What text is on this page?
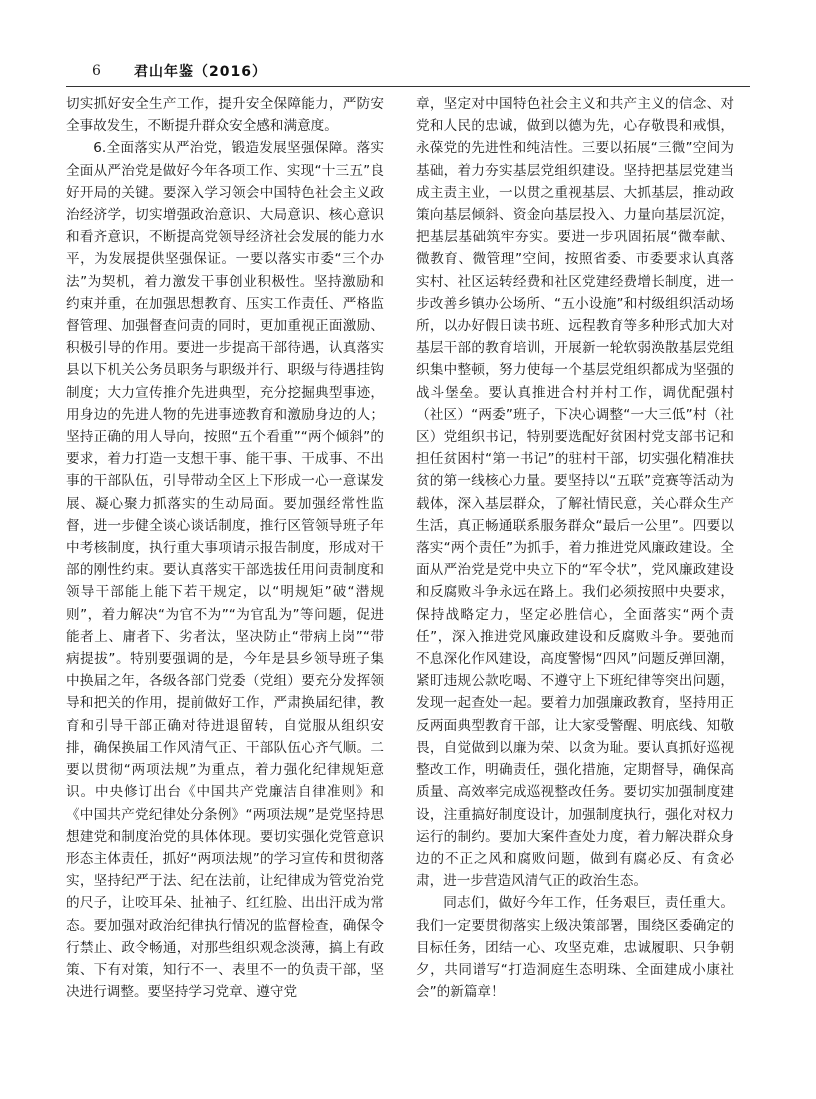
6	君山年鉴（2016）

切实抓好安全生产工作，提升安全保障能力，严防安全事故发生，不断提升群众安全感和满意度。

6.全面落实从严治党，锻造发展坚强保障。落实全面从严治党是做好今年各项工作、实现“十三五”良好开局的关键。要深入学习领会中国特色社会主义政治经济学，切实增强政治意识、大局意识、核心意识和看齐意识，不断提高党领导经济社会发展的能力水平，为发展提供坚强保证。一要以落实市委“三个办法”为契机，着力激发干事创业积极性。坚持激励和约束并重，在加强思想教育、压实工作责任、严格监督管理、加强督查问责的同时，更加重视正面激励、积极引导的作用。要进一步提高干部待遇，认真落实县以下机关公务员职务与职级并行、职级与待遇挂钩制度；大力宣传推介先进典型，充分挖掘典型事迹，用身边的先进人物的先进事迹教育和激励身边的人；坚持正确的用人导向，按照“五个看重”“两个倾斜”的要求，着力打造一支想干事、能干事、干成事、不出事的干部队伍，引导带动全区上下形成一心一意谋发展、凝心聚力抓落实的生动局面。要加强经常性监督，进一步健全谈心谈话制度，推行区管领导班子年中考核制度，执行重大事项请示报告制度，形成对干部的刚性约束。要认真落实干部选拔任用问责制度和领导干部能上能下若干规定，以“明规矩”破“潜规则”，着力解决“为官不为”“为官乱为”等问题，促进能者上、庸者下、劣者汰，坚决防止“带病上岗”“带病提拔”。特别要强调的是，今年是县乡领导班子集中换届之年，各级各部门党委（党组）要充分发挥领导和把关的作用，提前做好工作，严肃换届纪律，教育和引导干部正确对待进退留转，自觉服从组织安排，确保换届工作风清气正、干部队伍心齐气顺。二要以贯彻“两项法规”为重点，着力强化纪律规矩意识。中央修订出台《中国共产党廉洁自律准则》和《中国共产党纪律处分条例》“两项法规”是党坚持思想建党和制度治党的具体体现。要切实强化党管意识形态主体责任，抓好“两项法规”的学习宣传和贯彻落实，坚持纪严于法、纪在法前，让纪律成为管党治党的尺子，让咬耳朵、扯袖子、红红脸、出出汗成为常态。要加强对政治纪律执行情况的监督检查，确保令行禁止、政令畅通，对那些组织观念淡薄，搞上有政策、下有对策，知行不一、表里不一的负责干部，坚决进行调整。要坚持学习党章、遵守党

章，坚定对中国特色社会主义和共产主义的信念、对党和人民的忠诚，做到以德为先，心存敬畏和戒惧，永葆党的先进性和纯洁性。三要以拓展“三微”空间为基础，着力夯实基层党组织建设。坚持把基层党建当成主责主业，一以贯之重视基层、大抓基层，推动政策向基层倾斜、资金向基层投入、力量向基层沉淀，把基层基础筑牢夯实。要进一步巩固拓展“微奉献、微教育、微管理”空间，按照省委、市委要求认真落实村、社区运转经费和社区党建经费增长制度，进一步改善乡镇办公场所、“五小设施”和村级组织活动场所，以办好假日读书班、远程教育等多种形式加大对基层干部的教育培训，开展新一轮软弱涣散基层党组织集中整顿，努力使每一个基层党组织都成为坚强的战斗堡垒。要认真推进合村并村工作，调优配强村（社区）“两委”班子，下决心调整“一大三低”村（社区）党组织书记，特别要选配好贫困村党支部书记和担任贫困村“第一书记”的驻村干部，切实强化精准扶贫的第一线核心力量。要坚持以“五联”竞赛等活动为载体，深入基层群众，了解社情民意，关心群众生产生活，真正畅通联系服务群众“最后一公里”。四要以落实“两个责任”为抓手，着力推进党风廉政建设。全面从严治党是党中央立下的“军令状”，党风廉政建设和反腐败斗争永远在路上。我们必须按照中央要求，保持战略定力，坚定必胜信心，全面落实“两个责任”，深入推进党风廉政建设和反腐败斗争。要弛而不息深化作风建设，高度警惕“四风”问题反弹回潮，紧盯违规公款吃喝、不遵守上下班纪律等突出问题，发现一起查处一起。要着力加强廉政教育，坚持用正反两面典型教育干部，让大家受警醒、明底线、知敬畏，自觉做到以廉为荣、以贪为耻。要认真抓好巡视整改工作，明确责任，强化措施，定期督导，确保高质量、高效率完成巡视整改任务。要切实加强制度建设，注重搞好制度设计，加强制度执行，强化对权力运行的制约。要加大案件查处力度，着力解决群众身边的不正之风和腐败问题，做到有腐必反、有贪必肃，进一步营造风清气正的政治生态。

同志们，做好今年工作，任务艰巨，责任重大。我们一定要贯彻落实上级决策部署，围绕区委确定的目标任务，团结一心、攻坚克难，忠诚履职、只争朝夕，共同谱写“打造洞庭生态明珠、全面建成小康社会”的新篇章！
